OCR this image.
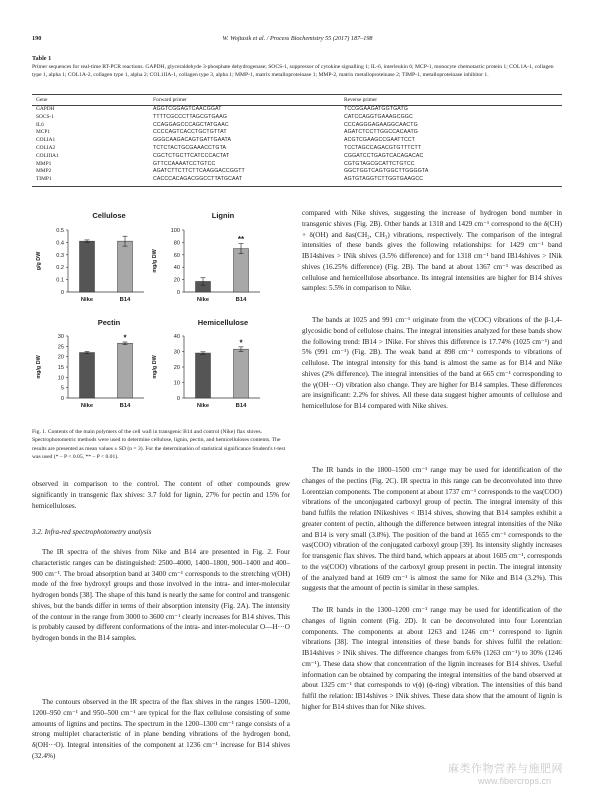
190	W. Wojtasik et al. / Process Biochemistry 55 (2017) 187–198
Table 1
Primer sequences for real-time RT-PCR reactions. GAPDH, glyceraldehyde 3-phosphate dehydrogenase; SOCS-1, suppressor of cytokine signalling 1; IL-6, interleukin 6; MCP-1, monocyte chemotactic protein 1; COL1A-1, collagen type 1, alpha 1; COL1A-2, collagen type 1, alpha 2; COL1IIA-1, collagen type 3, alpha 1; MMP-1, matrix metalloproteinase 1; MMP-2, matrix metalloproteinase 2; TIMP-1, metalloproteinase inhibitor 1.
Gene	Forward primer	Reverse primer
GAPDH	AGGTCGGAGTCAACGGAT	TCCGGAAGATGGTGATG
SOCS-1	TTTTCGCCCTTAGCGTGAAG	CATCCAGGTGAAAGCGGC
IL6	CCAGGAGCCCAGCTATGAAC	CCCAGGGAGAAGGCAACTG
MCP1	CCCCAGTCACCTGCTGTTAT	AGATCTCCTTGGCCACAATG
COLIA1	GGGCAAGACAGTGATTGAATA	ACGTCGAAGCCGAATTCCT
COLIA2	TCTCTACTGCGAAACCTGTA	TCCTAGCCAGACGTGTTTCTT
COLIIIA1	CGCTCTGCTTCATCCCACTAT	CGGATCCTGAGTCACAGACAC
MMP1	GTTCCAAAATCCTGTCC	CGTGTAGCGCATTCTGTCC
MMP2	AGATCTTCTTCTTCAAGGACCGGTT	GGCTGGTCAGTGGCTTGGGGTA
TIMP1	CACCCACAGACGGCCTTATGCAAT	AGTGTAGGTCTTGGTGAAGCC
Cellulose	Lignin
Pectin	Hemicellulose
0
0.1
0.2
0.3
0.4
0.5
g/g DW
Nike	B14
0
20
40
60
80
100
mg/g DW
Nike
**
B14
0
5
10
15
20
25
30
mg/g DW
Nike
*
B14
0
10
20
30
40
mg/g DW
Nike
*
B14
Fig. 1. Contents of the main polymers of the cell wall in transgenic B14 and control (Nike) flax shives. Spectrophotometric methods were used to determine cellulose, lignin, pectin, and hemicelluloses contents. The results are presented as mean values ± SD (n = 3). For the determination of statistical significance Student's t-test was used (* – P < 0.05, ** – P < 0.01).
observed in comparison to the control. The content of other compounds grew significantly in transgenic flax shives: 3.7 fold for lignin, 27% for pectin and 15% for hemicelluloses.
3.2. Infra-red spectrophotometry analysis
The IR spectra of the shives from Nike and B14 are presented in Fig. 2. Four characteristic ranges can be distinguished: 2500–4000, 1400–1800, 900–1400 and 400–900 cm⁻¹. The broad absorption band at 3400 cm⁻¹ corresponds to the stretching ν(OH) mode of the free hydroxyl groups and those involved in the intra- and inter-molecular hydrogen bonds [38]. The shape of this band is nearly the same for control and transgenic shives, but the bands differ in terms of their absorption intensity (Fig. 2A). The intensity of the contour in the range from 3000 to 3600 cm⁻¹ clearly increases for B14 shives. This is probably caused by different conformations of the intra- and inter-molecular O—H···O hydrogen bonds in the B14 samples.
The contours observed in the IR spectra of the flax shives in the ranges 1500–1200, 1200–950 cm⁻¹ and 950–500 cm⁻¹ are typical for the flax cellulose consisting of some amounts of lignins and pectins. The spectrum in the 1200–1300 cm⁻¹ range consists of a strong multiplet characteristic of in plane bending vibrations of the hydrogen bond, δ(OH···O). Integral intensities of the component at 1236 cm⁻¹ increase for B14 shives (32.4%)
compared with Nike shives, suggesting the increase of hydrogen bond number in transgenic shives (Fig. 2B). Other bands at 1318 and 1429 cm⁻¹ correspond to the δ(CH) + δ(OH) and δas(CH₂, CH₃) vibrations, respectively. The comparison of the integral intensities of these bands gives the following relationships: for 1429 cm⁻¹ band IB14shives > INik shives (3.5% difference) and for 1318 cm⁻¹ band IB14shives > INik shives (16.25% difference) (Fig. 2B). The band at about 1367 cm⁻¹ was described as cellulose and hemicellulose absorbance. Its integral intensities are higher for B14 shives samples: 5.5% in comparison to Nike.
The bands at 1025 and 991 cm⁻¹ originate from the ν(COC) vibrations of the β-1,4-glycosidic bond of cellulose chains. The integral intensities analyzed for these bands show the following trend: IB14 > INike. For shives this difference is 17.74% (1025 cm⁻¹) and 5% (991 cm⁻¹) (Fig. 2B). The weak band at 898 cm⁻¹ corresponds to vibrations of cellulose. The integral intensity for this band is almost the same as for B14 and Nike shives (2% difference). The integral intensities of the band at 665 cm⁻¹ corresponding to the γ(OH···O) vibration also change. They are higher for B14 samples. These differences are insignificant: 2.2% for shives. All these data suggest higher amounts of cellulose and hemicellulose for B14 compared with Nike shives.
The IR bands in the 1800–1500 cm⁻¹ range may be used for identification of the changes of the pectins (Fig. 2C). IR spectra in this range can be deconvoluted into three Lorentzian components. The component at about 1737 cm⁻¹ corresponds to the νas(COO) vibrations of the unconjugated carboxyl group of pectin. The integral intensity of this band fulfils the relation INikeshives < IB14 shives, showing that B14 samples exhibit a greater content of pectin, although the difference between integral intensities of the Nike and B14 is very small (3.8%). The position of the band at 1655 cm⁻¹ corresponds to the νas(COO) vibration of the conjugated carboxyl group [39]. Its intensity slightly increases for transgenic flax shives. The third band, which appears at about 1605 cm⁻¹, corresponds to the νs(COO) vibrations of the carboxyl group present in pectin. The integral intensity of the analyzed band at 1609 cm⁻¹ is almost the same for Nike and B14 (3.2%). This suggests that the amount of pectin is similar in these samples.
The IR bands in the 1300–1200 cm⁻¹ range may be used for identification of the changes of lignin content (Fig. 2D). It can be deconvoluted into four Lorentzian components. The components at about 1263 and 1246 cm⁻¹ correspond to lignin vibrations [38]. The integral intensities of these bands for shives fulfil the relation: IB14shives > INik shives. The difference changes from 6.6% (1263 cm⁻¹) to 30% (1246 cm⁻¹). These data show that concentration of the lignin increases for B14 shives. Useful information can be obtained by comparing the integral intensities of the band observed at about 1325 cm⁻¹ that corresponds to ν(ϕ) (ϕ-ring) vibration. The intensities of this band fulfil the relation: IB14shives > INik shives. These data show that the amount of lignin is higher for B14 shives than for Nike shives.
麻类作物营养与施肥网
www.fibercrops.cn
